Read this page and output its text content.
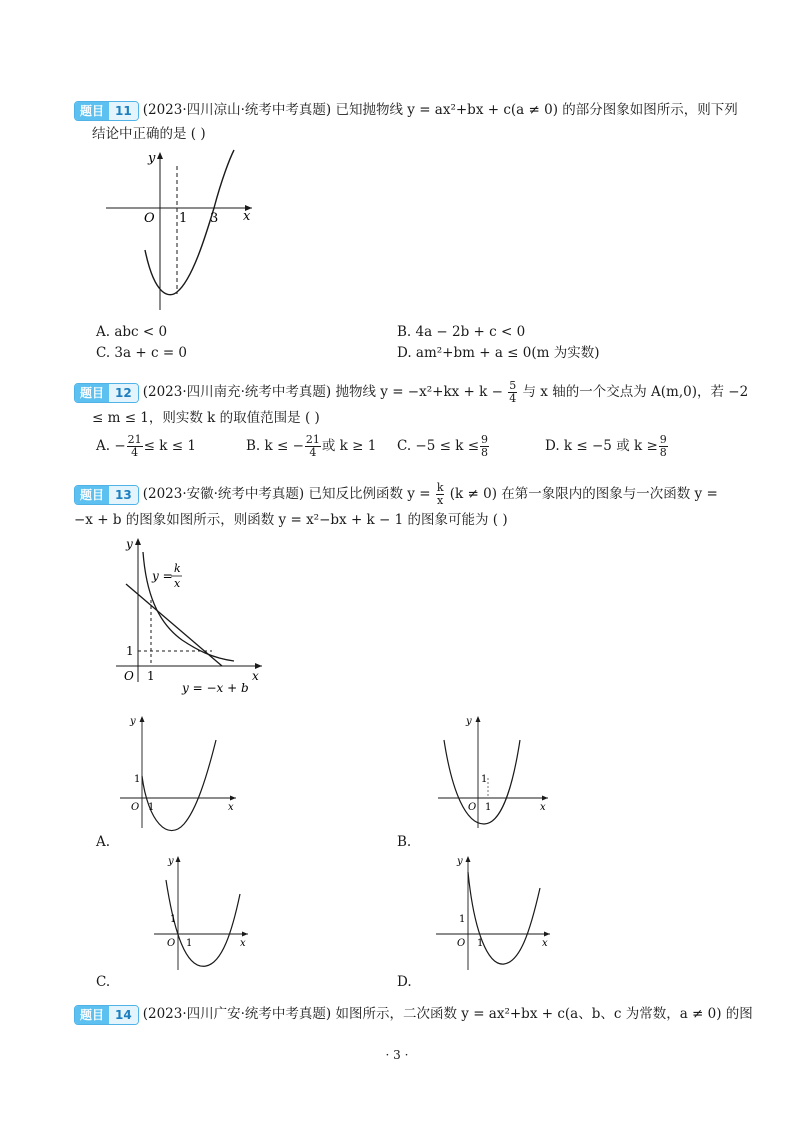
题目 11 (2023·四川凉山·统考中考真题) 已知抛物线 y = ax²+bx + c(a ≠ 0) 的部分图象如图所示，则下列
结论中正确的是 ( )
y
x
O 1 3
A. abc < 0	B. 4a − 2b + c < 0
C. 3a + c = 0	D. am²+bm + a ≤ 0(m 为实数)
题目 12 (2023·四川南充·统考中考真题) 抛物线 $y = -x^2+kx + k - \frac{5}{4}$ 与 x 轴的一个交点为 A(m,0)，若 −2
≤ m ≤ 1，则实数 k 的取值范围是 ( )
A. − $\frac{21}{4} \le k \le 1$	B. k ≤ − $\frac{21}{4}$ 或 k ≥ 1 C. $-5 \le k \le \frac{9}{8}$	D. k ≤ −5 或 $k \ge \frac{9}{8}$
题目 13 (2023·安徽·统考中考真题) 已知反比例函数 $y = \frac{k}{x} (k \ne 0)$ 在第一象限内的图象与一次函数 y =
−x + b 的图象如图所示，则函数 y = x²−bx + k − 1 的图象可能为 ( )
y
x
O 1
1
y =
k
x
y = −x + b
y
x
O 1
1
A.
y
x
O 1
1
B.
y
x
O 1
1
C.
y
x
O 1
1
D.
题目 14 (2023·四川广安·统考中考真题) 如图所示，二次函数 y = ax²+bx + c(a、b、c 为常数，a ≠ 0) 的图
· 3 ·
